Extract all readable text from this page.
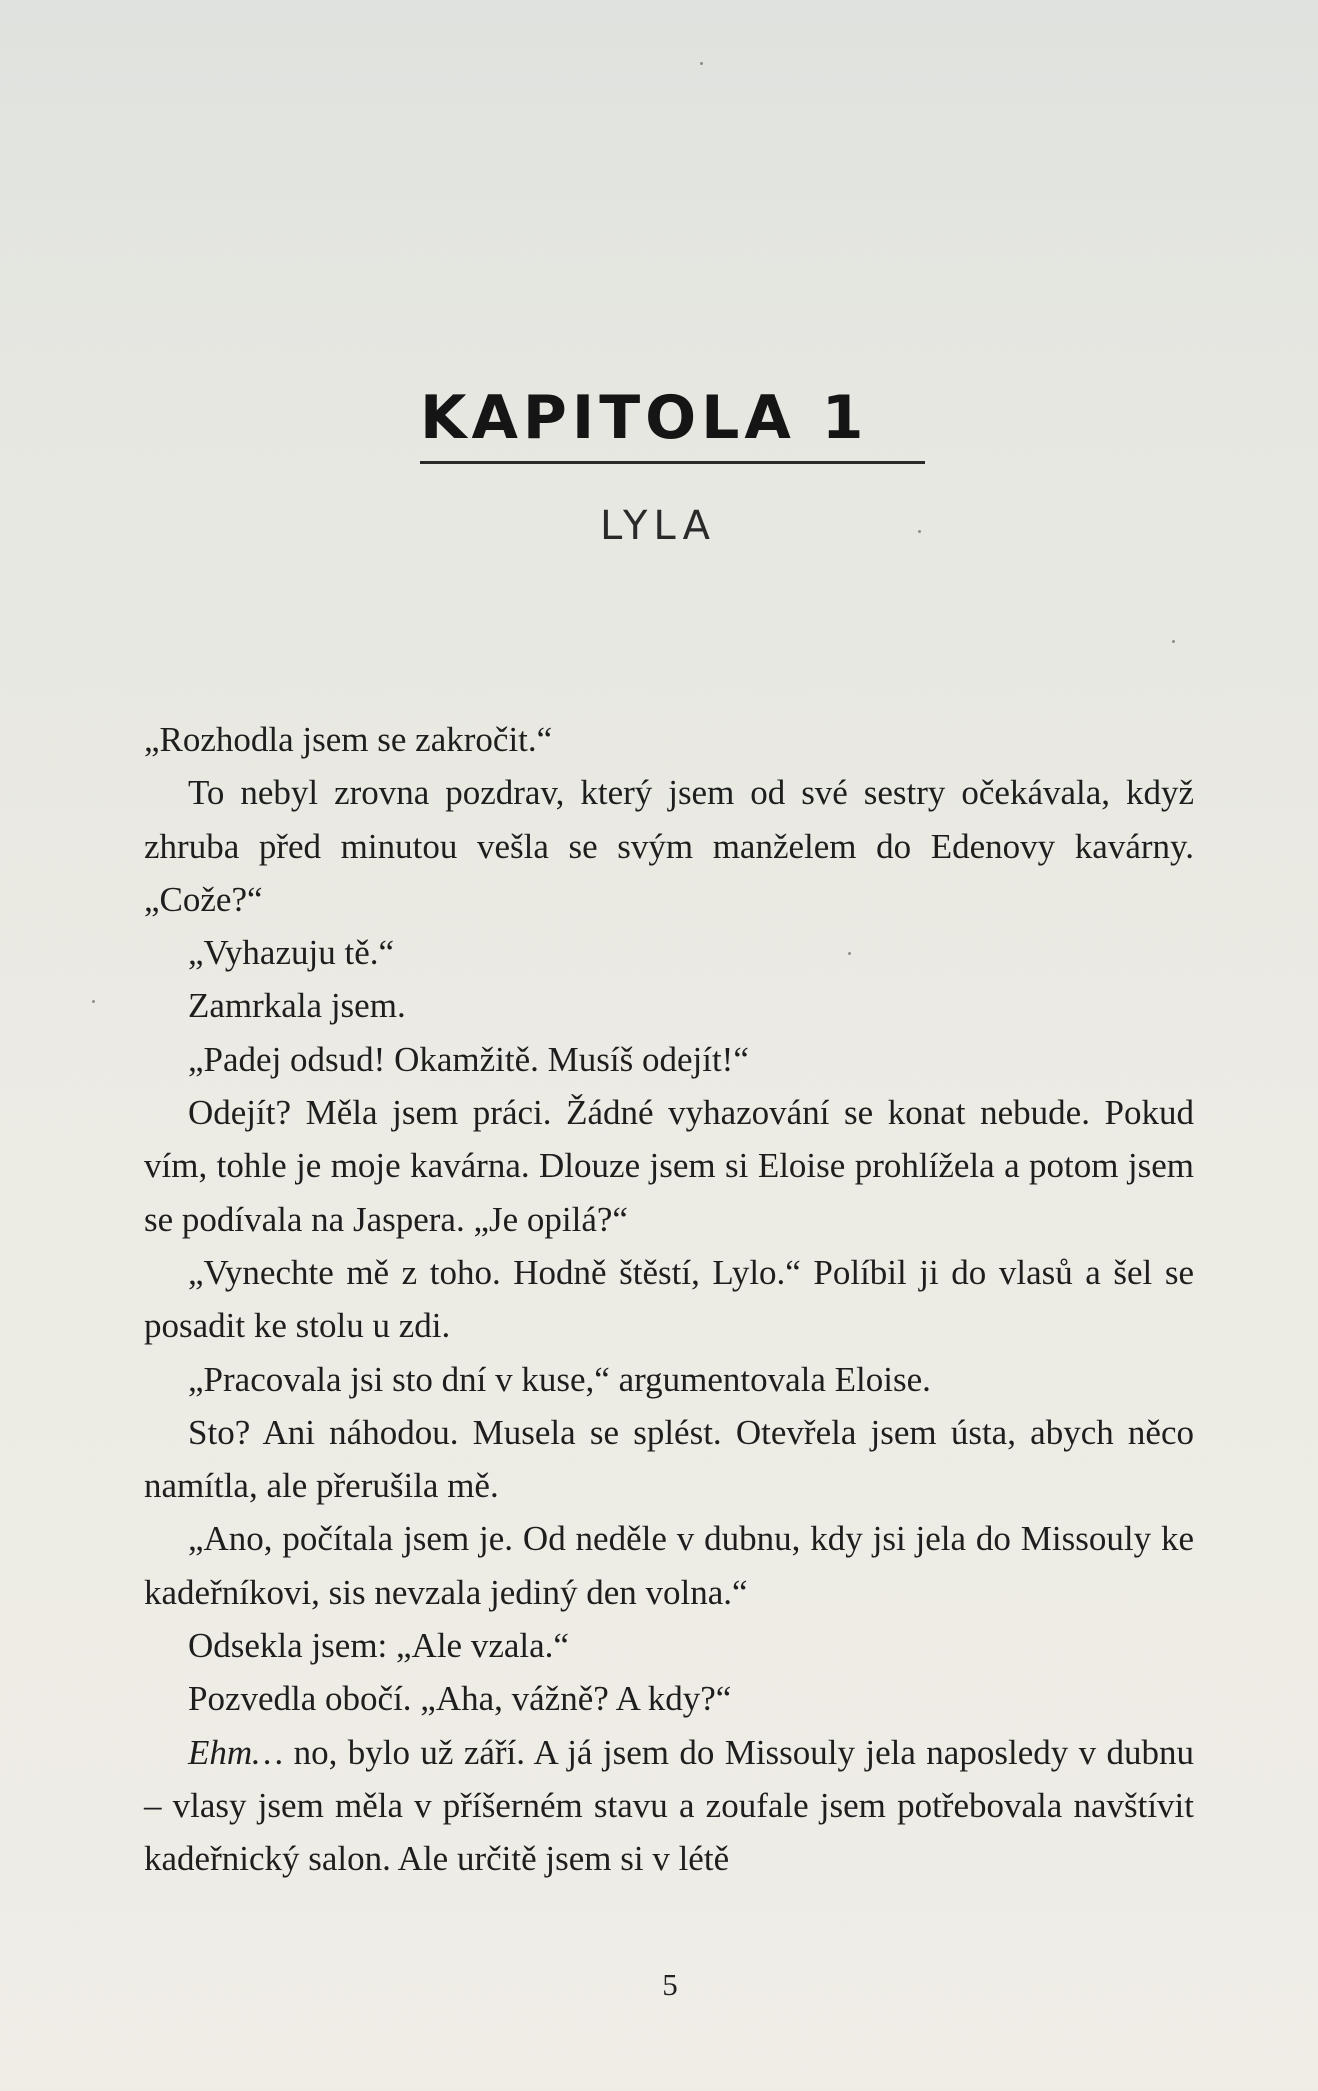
KAPITOLA 1
LYLA

„Rozhodla jsem se zakročit.“

To nebyl zrovna pozdrav, který jsem od své sestry očekávala, když zhruba před minutou vešla se svým manželem do Edenovy kavárny. „Cože?“

„Vyhazuju tě.“

Zamrkala jsem.

„Padej odsud! Okamžitě. Musíš odejít!“

Odejít? Měla jsem práci. Žádné vyhazování se konat nebude. Pokud vím, tohle je moje kavárna. Dlouze jsem si Eloise prohlížela a potom jsem se podívala na Jaspera. „Je opilá?“

„Vynechte mě z toho. Hodně štěstí, Lylo.“ Políbil ji do vlasů a šel se posadit ke stolu u zdi.

„Pracovala jsi sto dní v kuse,“ argumentovala Eloise.

Sto? Ani náhodou. Musela se splést. Otevřela jsem ústa, abych něco namítla, ale přerušila mě.

„Ano, počítala jsem je. Od neděle v dubnu, kdy jsi jela do Missouly ke kadeřníkovi, sis nevzala jediný den volna.“

Odsekla jsem: „Ale vzala.“

Pozvedla obočí. „Aha, vážně? A kdy?“

Ehm… no, bylo už září. A já jsem do Missouly jela naposledy v dubnu – vlasy jsem měla v příšerném stavu a zoufale jsem potřebovala navštívit kadeřnický salon. Ale určitě jsem si v létě

5
